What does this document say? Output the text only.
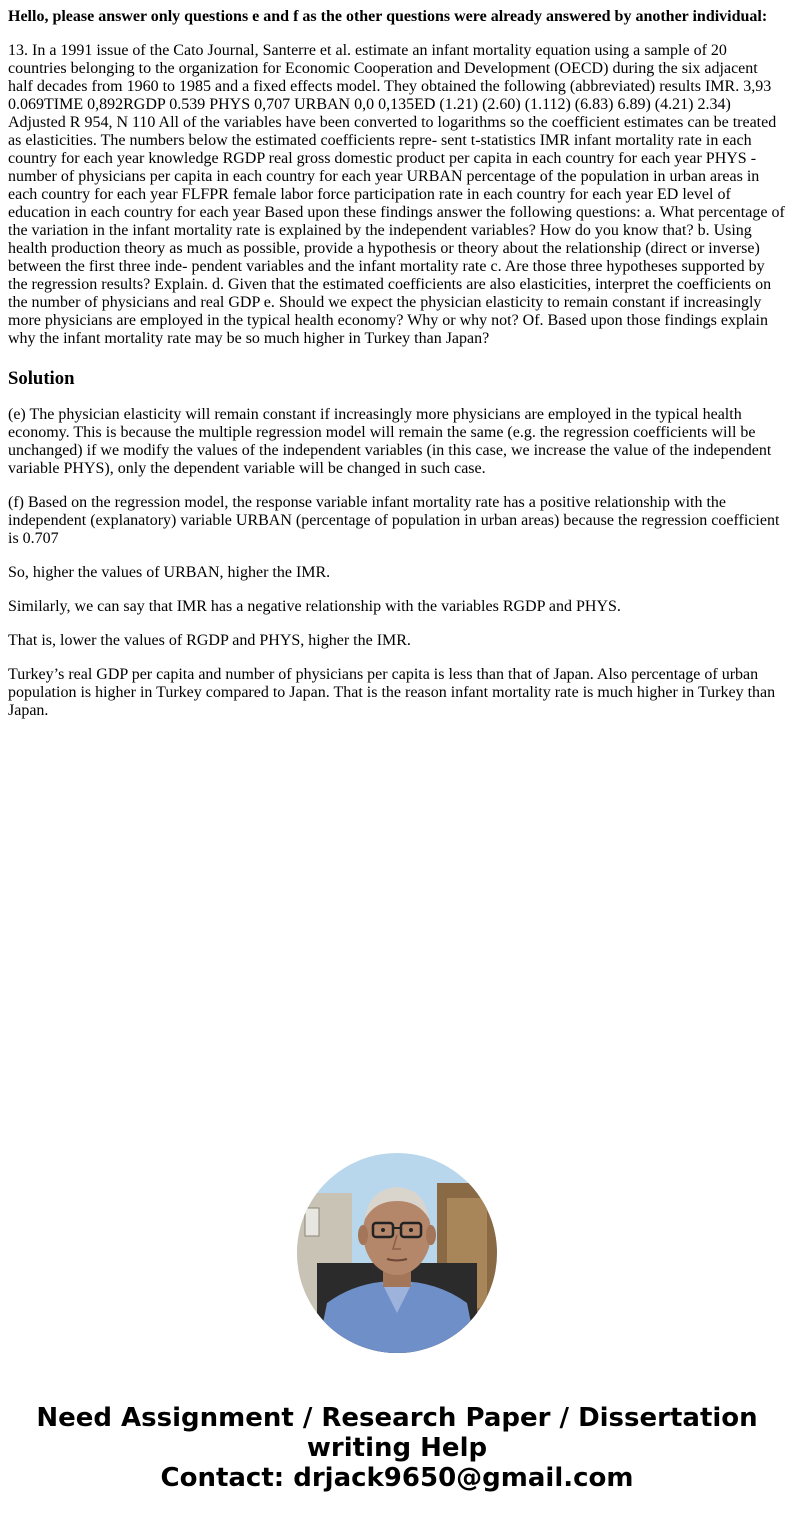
Hello, please answer only questions e and f as the other questions were already answered by another individual:

13. In a 1991 issue of the Cato Journal, Santerre et al. estimate an infant mortality equation using a sample of 20 countries belonging to the organization for Economic Cooperation and Development (OECD) during the six adjacent half decades from 1960 to 1985 and a fixed effects model. They obtained the following (abbreviated) results IMR. 3,93 0.069TIME 0,892RGDP 0.539 PHYS 0,707 URBAN 0,0 0,135ED (1.21) (2.60) (1.112) (6.83) 6.89) (4.21) 2.34) Adjusted R 954, N 110 All of the variables have been converted to logarithms so the coefficient estimates can be treated as elasticities. The numbers below the estimated coefficients repre- sent t-statistics IMR infant mortality rate in each country for each year knowledge RGDP real gross domestic product per capita in each country for each year PHYS - number of physicians per capita in each country for each year URBAN percentage of the population in urban areas in each country for each year FLFPR female labor force participation rate in each country for each year ED level of education in each country for each year Based upon these findings answer the following questions: a. What percentage of the variation in the infant mortality rate is explained by the independent variables? How do you know that? b. Using health production theory as much as possible, provide a hypothesis or theory about the relationship (direct or inverse) between the first three inde- pendent variables and the infant mortality rate c. Are those three hypotheses supported by the regression results? Explain. d. Given that the estimated coefficients are also elasticities, interpret the coefficients on the number of physicians and real GDP e. Should we expect the physician elasticity to remain constant if increasingly more physicians are employed in the typical health economy? Why or why not? Of. Based upon those findings explain why the infant mortality rate may be so much higher in Turkey than Japan?

Solution

(e) The physician elasticity will remain constant if increasingly more physicians are employed in the typical health economy. This is because the multiple regression model will remain the same (e.g. the regression coefficients will be unchanged) if we modify the values of the independent variables (in this case, we increase the value of the independent variable PHYS), only the dependent variable will be changed in such case.

(f) Based on the regression model, the response variable infant mortality rate has a positive relationship with the independent (explanatory) variable URBAN (percentage of population in urban areas) because the regression coefficient is 0.707

So, higher the values of URBAN, higher the IMR.

Similarly, we can say that IMR has a negative relationship with the variables RGDP and PHYS.

That is, lower the values of RGDP and PHYS, higher the IMR.

Turkey’s real GDP per capita and number of physicians per capita is less than that of Japan. Also percentage of urban population is higher in Turkey compared to Japan. That is the reason infant mortality rate is much higher in Turkey than Japan.

Need Assignment / Research Paper / Dissertation
writing Help
Contact: drjack9650@gmail.com
